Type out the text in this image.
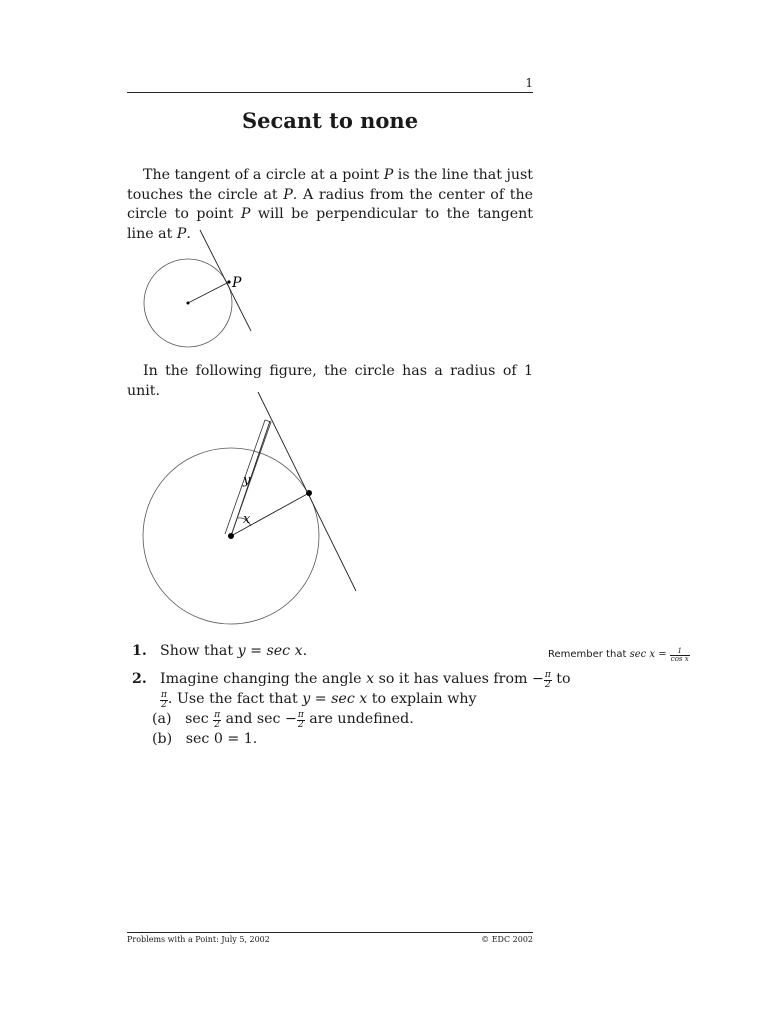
1
Secant to none
The tangent of a circle at a point P is the line that just touches the circle at P. A radius from the center of the circle to point P will be perpendicular to the tangent line at P.
P
In the following figure, the circle has a radius of 1 unit.
y
x
1. Show that y = sec x.
2. Imagine changing the angle x so it has values from − $\frac{\pi}{2}$ to
$\frac{\pi}{2}$ . Use the fact that y = sec x to explain why
(a) $\sec \frac{\pi}{2}$ and $\sec - \frac{\pi}{2}$ are undefined.
(b) sec 0 = 1.
Remember that $\sec x = \frac{1}{\text{cos x}}$
Problems with a Point: July 5, 2002	© EDC 2002
